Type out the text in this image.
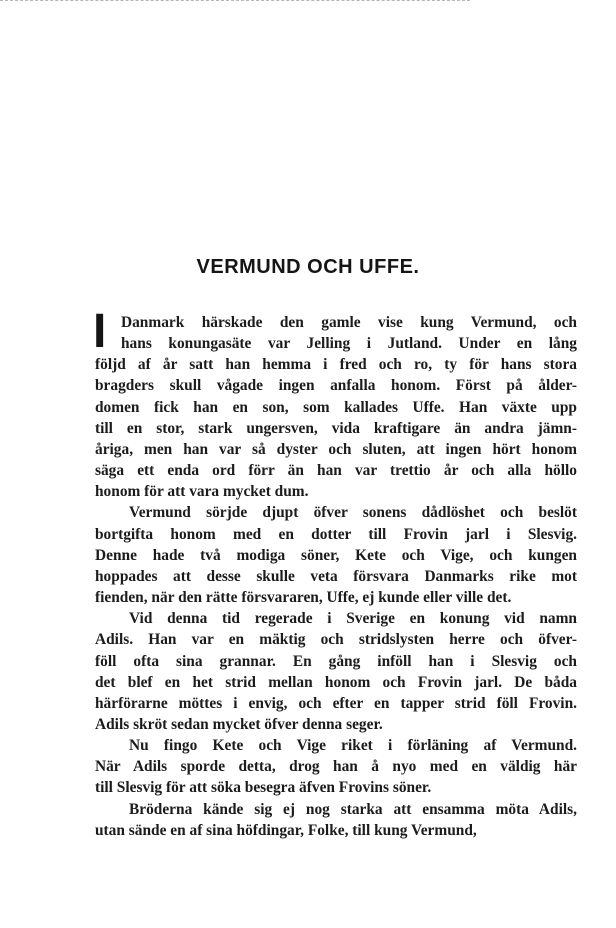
VERMUND OCH UFFE.
I Danmark härskade den gamle vise kung Vermund, och
hans konungasäte var Jelling i Jutland. Under en lång
följd af år satt han hemma i fred och ro, ty för hans stora
bragders skull vågade ingen anfalla honom. Först på ålder-
domen fick han en son, som kallades Uffe. Han växte upp
till en stor, stark ungersven, vida kraftigare än andra jämn-
åriga, men han var så dyster och sluten, att ingen hört honom
säga ett enda ord förr än han var trettio år och alla höllo
honom för att vara mycket dum.
Vermund sörjde djupt öfver sonens dådlöshet och beslöt
bortgifta honom med en dotter till Frovin jarl i Slesvig.
Denne hade två modiga söner, Kete och Vige, och kungen
hoppades att desse skulle veta försvara Danmarks rike mot
fienden, när den rätte försvararen, Uffe, ej kunde eller ville det.
Vid denna tid regerade i Sverige en konung vid namn
Adils. Han var en mäktig och stridslysten herre och öfver-
föll ofta sina grannar. En gång inföll han i Slesvig och
det blef en het strid mellan honom och Frovin jarl. De båda
härförarne möttes i envig, och efter en tapper strid föll Frovin.
Adils skröt sedan mycket öfver denna seger.
Nu fingo Kete och Vige riket i förläning af Vermund.
När Adils sporde detta, drog han å nyo med en väldig här
till Slesvig för att söka besegra äfven Frovins söner.
Bröderna kände sig ej nog starka att ensamma möta Adils,
utan sände en af sina höfdingar, Folke, till kung Vermund,
